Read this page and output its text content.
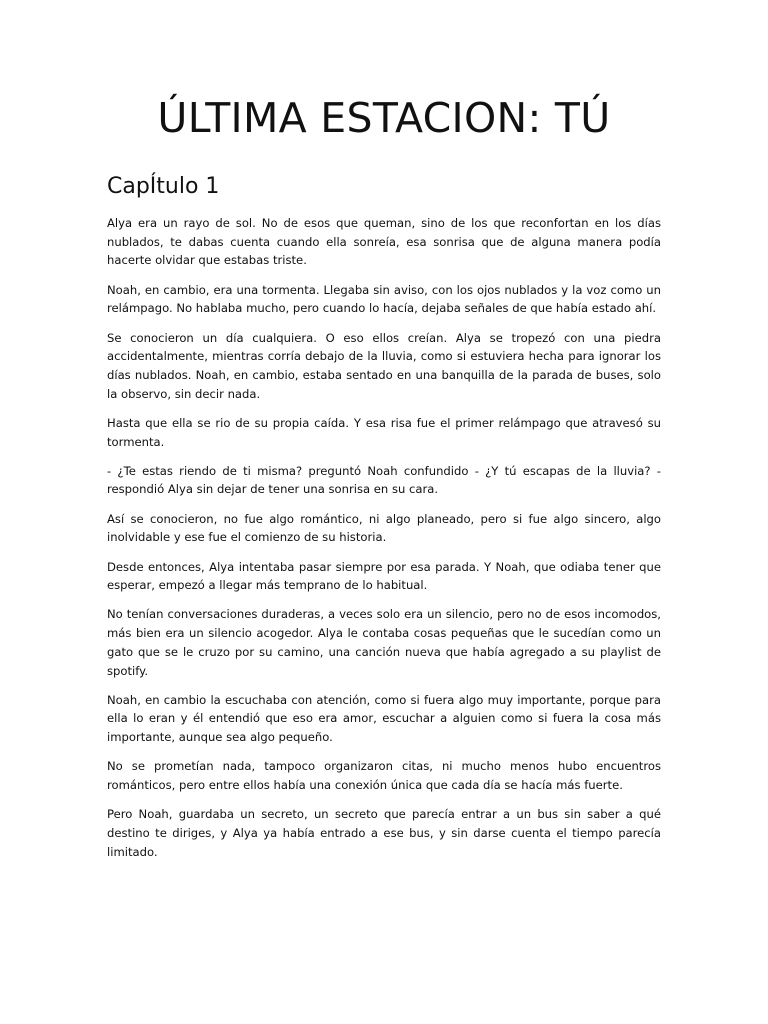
ÚLTIMA ESTACION: TÚ
CapÍtulo 1

Alya era un rayo de sol. No de esos que queman, sino de los que reconfortan en los días nublados, te dabas cuenta cuando ella sonreía, esa sonrisa que de alguna manera podía hacerte olvidar que estabas triste.

Noah, en cambio, era una tormenta. Llegaba sin aviso, con los ojos nublados y la voz como un relámpago. No hablaba mucho, pero cuando lo hacía, dejaba señales de que había estado ahí.

Se conocieron un día cualquiera. O eso ellos creían. Alya se tropezó con una piedra accidentalmente, mientras corría debajo de la lluvia, como si estuviera hecha para ignorar los días nublados. Noah, en cambio, estaba sentado en una banquilla de la parada de buses, solo la observo, sin decir nada.

Hasta que ella se rio de su propia caída. Y esa risa fue el primer relámpago que atravesó su tormenta.

- ¿Te estas riendo de ti misma? preguntó Noah confundido - ¿Y tú escapas de la lluvia? -respondió Alya sin dejar de tener una sonrisa en su cara.

Así se conocieron, no fue algo romántico, ni algo planeado, pero si fue algo sincero, algo inolvidable y ese fue el comienzo de su historia.

Desde entonces, Alya intentaba pasar siempre por esa parada. Y Noah, que odiaba tener que esperar, empezó a llegar más temprano de lo habitual.

No tenían conversaciones duraderas, a veces solo era un silencio, pero no de esos incomodos, más bien era un silencio acogedor. Alya le contaba cosas pequeñas que le sucedían como un gato que se le cruzo por su camino, una canción nueva que había agregado a su playlist de spotify.

Noah, en cambio la escuchaba con atención, como si fuera algo muy importante, porque para ella lo eran y él entendió que eso era amor, escuchar a alguien como si fuera la cosa más importante, aunque sea algo pequeño.

No se prometían nada, tampoco organizaron citas, ni mucho menos hubo encuentros románticos, pero entre ellos había una conexión única que cada día se hacía más fuerte.

Pero Noah, guardaba un secreto, un secreto que parecía entrar a un bus sin saber a qué destino te diriges, y Alya ya había entrado a ese bus, y sin darse cuenta el tiempo parecía limitado.
